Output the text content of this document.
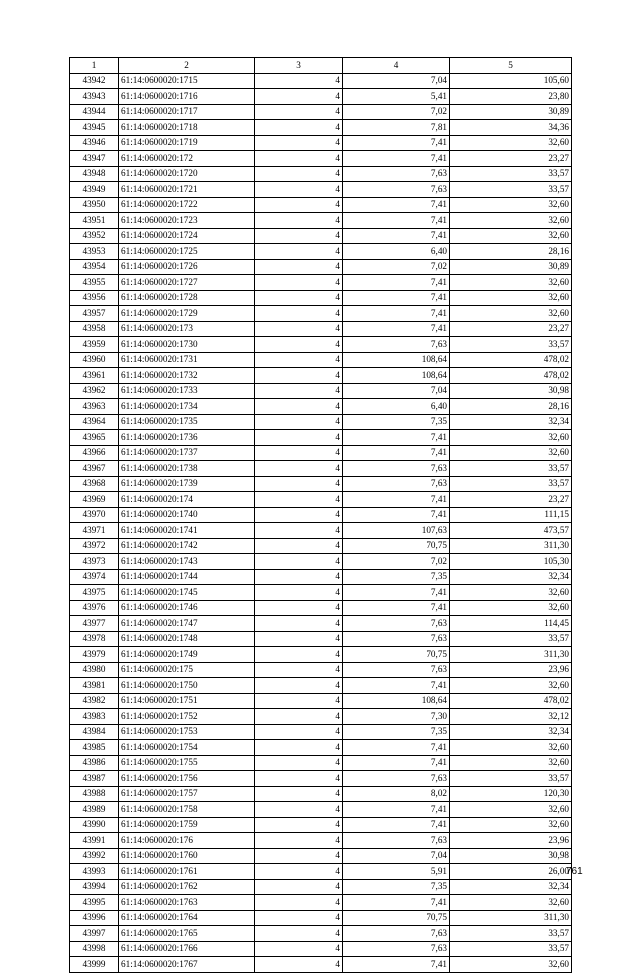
1	2	3	4	5
43942	61:14:0600020:1715	4	7,04	105,60
43943	61:14:0600020:1716	4	5,41	23,80
43944	61:14:0600020:1717	4	7,02	30,89
43945	61:14:0600020:1718	4	7,81	34,36
43946	61:14:0600020:1719	4	7,41	32,60
43947	61:14:0600020:172	4	7,41	23,27
43948	61:14:0600020:1720	4	7,63	33,57
43949	61:14:0600020:1721	4	7,63	33,57
43950	61:14:0600020:1722	4	7,41	32,60
43951	61:14:0600020:1723	4	7,41	32,60
43952	61:14:0600020:1724	4	7,41	32,60
43953	61:14:0600020:1725	4	6,40	28,16
43954	61:14:0600020:1726	4	7,02	30,89
43955	61:14:0600020:1727	4	7,41	32,60
43956	61:14:0600020:1728	4	7,41	32,60
43957	61:14:0600020:1729	4	7,41	32,60
43958	61:14:0600020:173	4	7,41	23,27
43959	61:14:0600020:1730	4	7,63	33,57
43960	61:14:0600020:1731	4	108,64	478,02
43961	61:14:0600020:1732	4	108,64	478,02
43962	61:14:0600020:1733	4	7,04	30,98
43963	61:14:0600020:1734	4	6,40	28,16
43964	61:14:0600020:1735	4	7,35	32,34
43965	61:14:0600020:1736	4	7,41	32,60
43966	61:14:0600020:1737	4	7,41	32,60
43967	61:14:0600020:1738	4	7,63	33,57
43968	61:14:0600020:1739	4	7,63	33,57
43969	61:14:0600020:174	4	7,41	23,27
43970	61:14:0600020:1740	4	7,41	111,15
43971	61:14:0600020:1741	4	107,63	473,57
43972	61:14:0600020:1742	4	70,75	311,30
43973	61:14:0600020:1743	4	7,02	105,30
43974	61:14:0600020:1744	4	7,35	32,34
43975	61:14:0600020:1745	4	7,41	32,60
43976	61:14:0600020:1746	4	7,41	32,60
43977	61:14:0600020:1747	4	7,63	114,45
43978	61:14:0600020:1748	4	7,63	33,57
43979	61:14:0600020:1749	4	70,75	311,30
43980	61:14:0600020:175	4	7,63	23,96
43981	61:14:0600020:1750	4	7,41	32,60
43982	61:14:0600020:1751	4	108,64	478,02
43983	61:14:0600020:1752	4	7,30	32,12
43984	61:14:0600020:1753	4	7,35	32,34
43985	61:14:0600020:1754	4	7,41	32,60
43986	61:14:0600020:1755	4	7,41	32,60
43987	61:14:0600020:1756	4	7,63	33,57
43988	61:14:0600020:1757	4	8,02	120,30
43989	61:14:0600020:1758	4	7,41	32,60
43990	61:14:0600020:1759	4	7,41	32,60
43991	61:14:0600020:176	4	7,63	23,96
43992	61:14:0600020:1760	4	7,04	30,98
43993	61:14:0600020:1761	4	5,91	26,00
43994	61:14:0600020:1762	4	7,35	32,34
43995	61:14:0600020:1763	4	7,41	32,60
43996	61:14:0600020:1764	4	70,75	311,30
43997	61:14:0600020:1765	4	7,63	33,57
43998	61:14:0600020:1766	4	7,63	33,57
43999	61:14:0600020:1767	4	7,41	32,60
761
